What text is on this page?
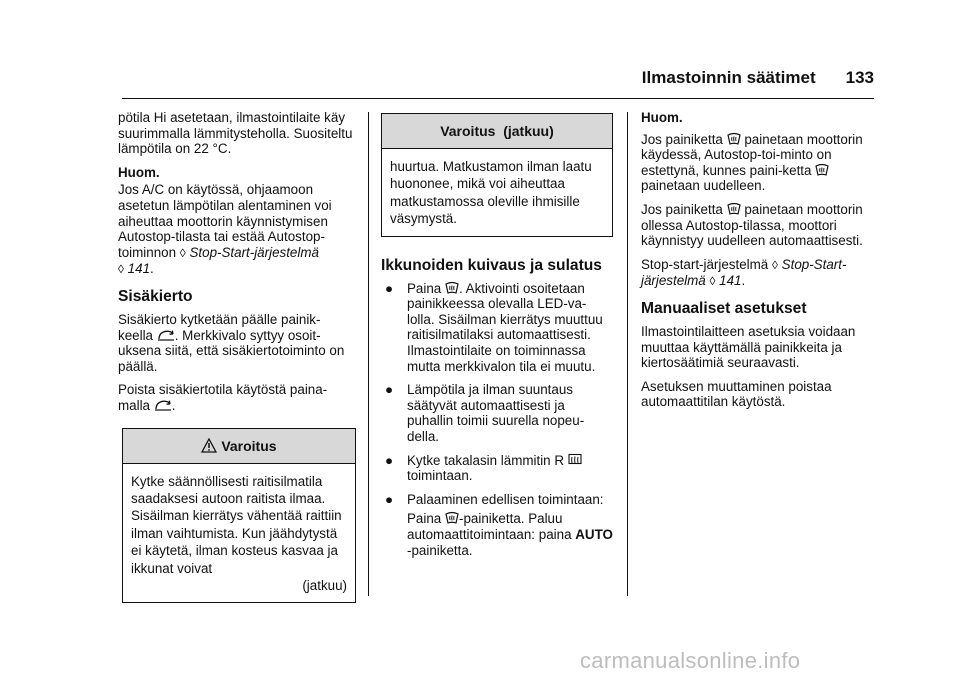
Ilmastoinnin säätimet 133

pötila Hi asetetaan, ilmastointilaite käy suurimmalla lämmitysteholla. Suositeltu lämpötila on 22 °C.

Huom.

Jos A/C on käytössä, ohjaamoon asetetun lämpötilan alentaminen voi aiheuttaa moottorin käynnistymisen Autostop-tilasta tai estää Autostop-toiminnon ◊ Stop-Start-järjestelmä
◊ 141.

Sisäkierto

Sisäkierto kytketään päälle painik-keella . Merkkivalo syttyy osoit-uksena siitä, että sisäkiertotoiminto on päällä.

Poista sisäkiertotila käytöstä paina-malla .

Varoitus
Kytke säännöllisesti raitisilmatila saadaksesi autoon raitista ilmaa. Sisäilman kierrätys vähentää raittiin ilman vaihtumista. Kun jäähdytystä ei käytetä, ilman kosteus kasvaa ja ikkunat voivat
(jatkuu)
Varoitus  (jatkuu)
huurtua. Matkustamon ilman laatu huononee, mikä voi aiheuttaa matkustamossa oleville ihmisille väsymystä.
Ikkunoiden kuivaus ja sulatus
●	Paina . Aktivointi osoitetaan painikkeessa olevalla LED-va-lolla. Sisäilman kierrätys muuttuu raitisilmatilaksi automaattisesti. Ilmastointilaite on toiminnassa mutta merkkivalon tila ei muutu.
●	Lämpötila ja ilman suuntaus säätyvät automaattisesti ja puhallin toimii suurella nopeu-della.
●	Kytke takalasin lämmitin R

toimintaan.
●	Palaaminen edellisen toimintaan:
Paina -painiketta. Paluu automaattitoimintaan: paina AUTO -painiketta.
Huom.

Jos painiketta painetaan moottorin käydessä, Autostop-toi-minto on estettynä, kunnes paini-ketta
painetaan uudelleen.

Jos painiketta painetaan moottorin ollessa Autostop-tilassa, moottori käynnistyy uudelleen automaattisesti.

Stop-start-järjestelmä ◊ Stop-Start-järjestelmä ◊ 141.

Manuaaliset asetukset

Ilmastointilaitteen asetuksia voidaan muuttaa käyttämällä painikkeita ja kiertosäätimiä seuraavasti.

Asetuksen muuttaminen poistaa automaattitilan käytöstä.

carmanualsonline.info
